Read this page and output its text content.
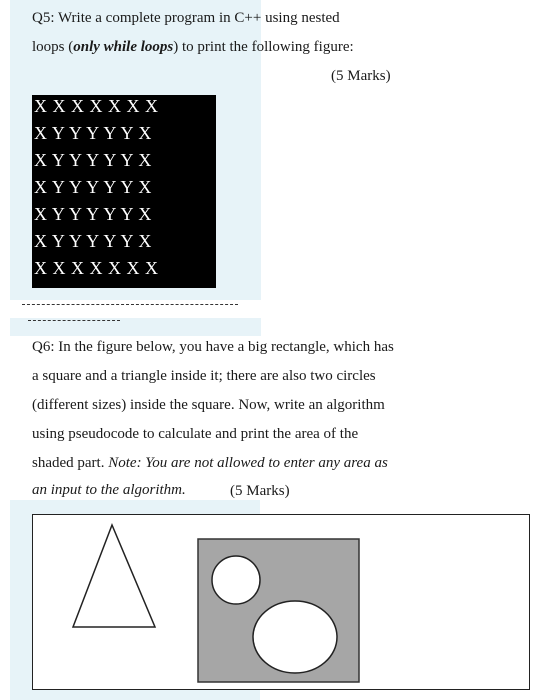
Q5: Write a complete program in C++ using nested
loops (only while loops) to print the following figure:
(5 Marks)
X X X X X X X
X Y Y Y Y Y X
X Y Y Y Y Y X
X Y Y Y Y Y X
X Y Y Y Y Y X
X Y Y Y Y Y X
X X X X X X X
Q6: In the figure below, you have a big rectangle, which has
a square and a triangle inside it; there are also two circles
(different sizes) inside the square. Now, write an algorithm
using pseudocode to calculate and print the area of the
shaded part. Note: You are not allowed to enter any area as
an input to the algorithm.	(5 Marks)
